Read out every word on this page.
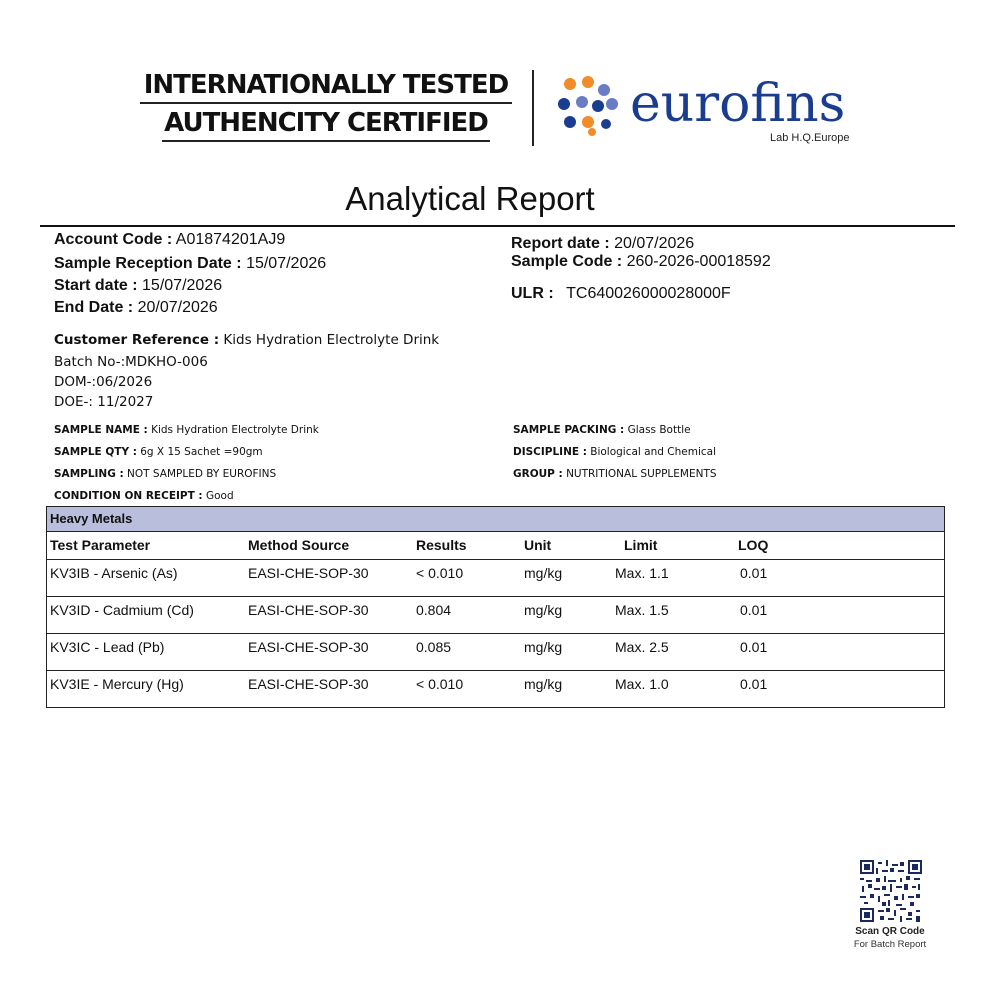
INTERNATIONALLY TESTED
AUTHENCITY CERTIFIED	eurofins
Lab H.Q.Europe
Analytical Report
Account Code : A01874201AJ9
Sample Reception Date : 15/07/2026
Start date : 15/07/2026
End Date : 20/07/2026
Report date : 20/07/2026
Sample Code : 260-2026-00018592
ULR : TC640026000028000F
Customer Reference : Kids Hydration Electrolyte Drink
Batch No-:MDKHO-006
DOM-:06/2026
DOE-: 11/2027
SAMPLE NAME : Kids Hydration Electrolyte Drink
SAMPLE QTY : 6g X 15 Sachet =90gm
SAMPLING : NOT SAMPLED BY EUROFINS
CONDITION ON RECEIPT : Good
SAMPLE PACKING : Glass Bottle
DISCIPLINE : Biological and Chemical
GROUP : NUTRITIONAL SUPPLEMENTS
Heavy Metals
Test Parameter	Method Source	Results	Unit	Limit	LOQ
KV3IB - Arsenic (As)	EASI-CHE-SOP-30	< 0.010	mg/kg	Max. 1.1	0.01
KV3ID - Cadmium (Cd)	EASI-CHE-SOP-30	0.804	mg/kg	Max. 1.5	0.01
KV3IC - Lead (Pb)	EASI-CHE-SOP-30	0.085	mg/kg	Max. 2.5	0.01
KV3IE - Mercury (Hg)	EASI-CHE-SOP-30	< 0.010	mg/kg	Max. 1.0	0.01
Scan QR Code
For Batch Report
